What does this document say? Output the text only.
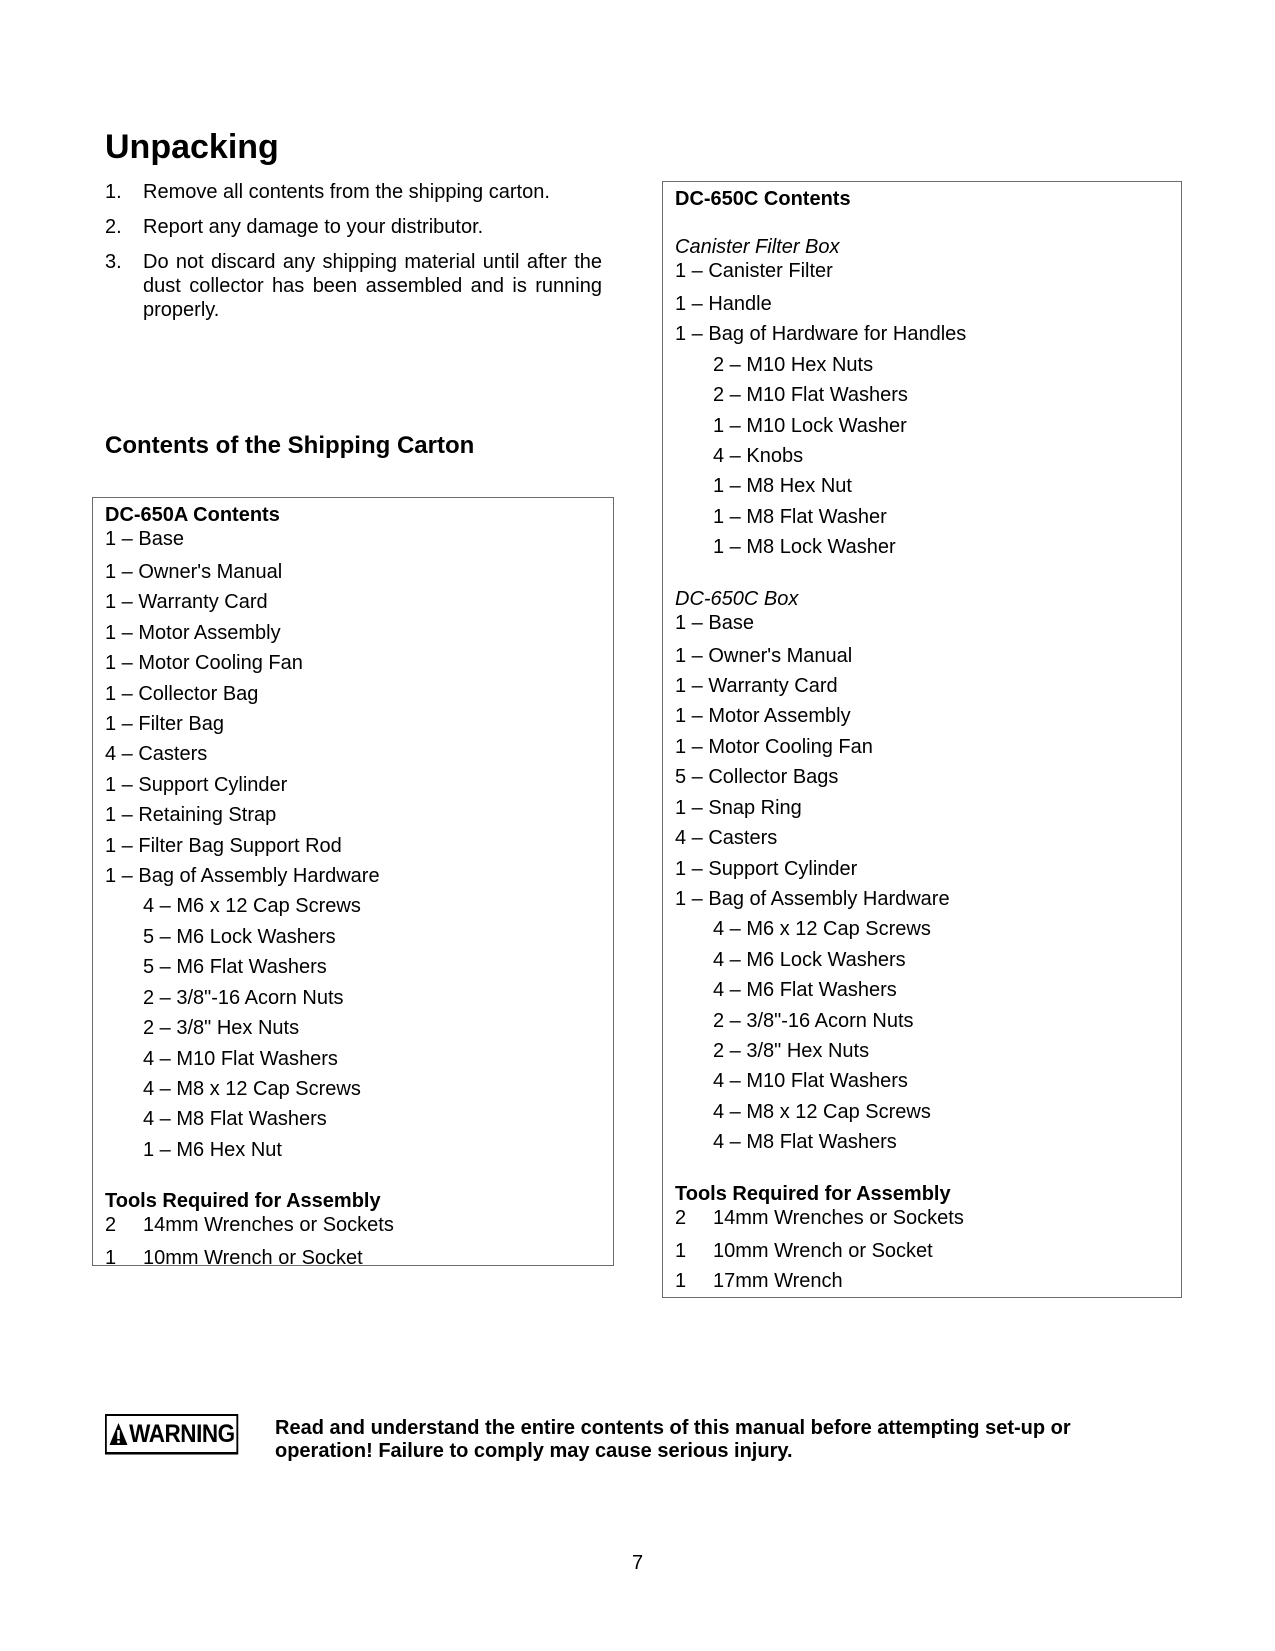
Unpacking
1. Remove all contents from the shipping carton.
2. Report any damage to your distributor.
3. Do not discard any shipping material until after the dust collector has been assembled and is running properly.
Contents of the Shipping Carton
DC-650A Contents
1 – Base
1 – Owner's Manual
1 – Warranty Card
1 – Motor Assembly
1 – Motor Cooling Fan
1 – Collector Bag
1 – Filter Bag
4 – Casters
1 – Support Cylinder
1 – Retaining Strap
1 – Filter Bag Support Rod
1 – Bag of Assembly Hardware
4 – M6 x 12 Cap Screws
5 – M6 Lock Washers
5 – M6 Flat Washers
2 – 3/8"-16 Acorn Nuts
2 – 3/8" Hex Nuts
4 – M10 Flat Washers
4 – M8 x 12 Cap Screws
4 – M8 Flat Washers
1 – M6 Hex Nut
Tools Required for Assembly
2	14mm Wrenches or Sockets
1	10mm Wrench or Socket
DC-650C Contents
Canister Filter Box
1 – Canister Filter
1 – Handle
1 – Bag of Hardware for Handles
2 – M10 Hex Nuts
2 – M10 Flat Washers
1 – M10 Lock Washer
4 – Knobs
1 – M8 Hex Nut
1 – M8 Flat Washer
1 – M8 Lock Washer
DC-650C Box
1 – Base
1 – Owner's Manual
1 – Warranty Card
1 – Motor Assembly
1 – Motor Cooling Fan
5 – Collector Bags
1 – Snap Ring
4 – Casters
1 – Support Cylinder
1 – Bag of Assembly Hardware
4 – M6 x 12 Cap Screws
4 – M6 Lock Washers
4 – M6 Flat Washers
2 – 3/8"-16 Acorn Nuts
2 – 3/8" Hex Nuts
4 – M10 Flat Washers
4 – M8 x 12 Cap Screws
4 – M8 Flat Washers
Tools Required for Assembly
2	14mm Wrenches or Sockets
1	10mm Wrench or Socket
1	17mm Wrench
WARNING Read and understand the entire contents of this manual before attempting set-up or operation! Failure to comply may cause serious injury.
7
